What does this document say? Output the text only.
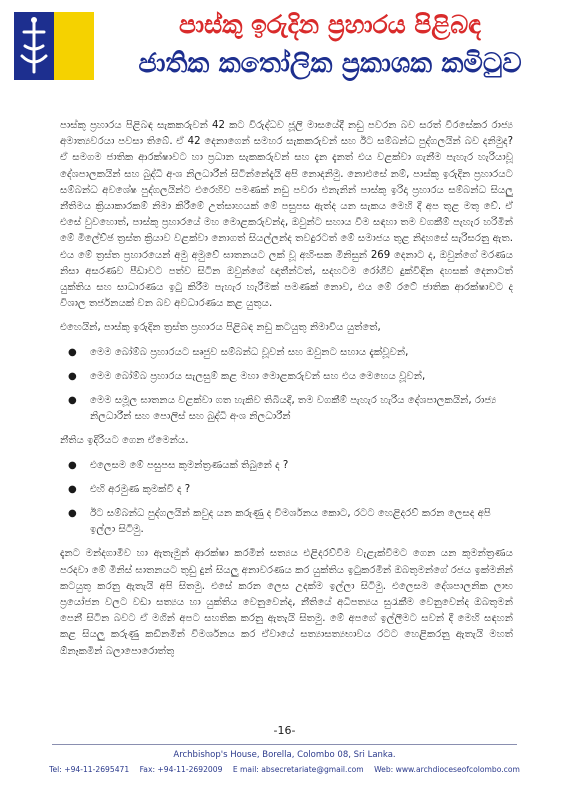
පාස්කු ඉරුදින ප්‍රහාරය පිළිබඳ
ජාතික කතෝලික ප්‍රකාශක කමිටුව

පාස්කු ප්‍රහාරය පිළිබඳ සැකකරුවන් 42 කට විරුද්ධව ජූලි මාසයේදී නඩු පවරන බව සරත් වීරසේකර රාජ්‍ය අමාත්‍යවරයා පවසා තිබේ. ඒ 42 දෙනාගෙන් සමහර සැකකරුවන් සහ ඊට සම්බන්ධ පුද්ගලයින් බව දනිමුද? ඒ සමගම ජාතික ආරක්ෂාවට හා ප්‍රධාන සැකකරුවන් සහ දැන දැනත් එය වළක්වා ගැනීම පැහැර හැරියාවූ දේශපාලකයින් සහ බුද්ධි අංශ නිලධාරීන් සිටින්නේදැයි අපි නොදනිමු. නොඑසේ නම්, පාස්කු ඉරුදින ප්‍රහාරයට සම්බන්ධ අවශේෂ පුද්ගලයින්ට එරෙහිව පමණක් නඩු පවරා එනැනින් පාස්කු ඉරිදා ප්‍රහාරය සම්බන්ධ සියලු නීතිමය ක්‍රියාකාරකම් නිමා කිරීමේ උත්සාහයක් මේ පසුපස ඇත්ද යන සැකය මෙහි දී අප තුළ මතු වේ. ඒ එසේ වුවහොත්, පාස්කු ප්‍රහාරයේ මහ මොළකරුවන්ද, ඔවුන්ට සහාය වීම සඳහා තම වගකීම් පැහැර හරිමින් මේ මිලේච්ඡ ත්‍රස්ත ක්‍රියාව වළක්වා නොගත් සියල්ලන්ද තවදුරටත් මේ සමාජය තුළ නිදහසේ සැරිසරනු ඇත. එය මේ ත්‍රස්ත ප්‍රහාරයෙන් අමු අමුවේ ඝාතනයට ලක් වූ අහිංසක මිනිසුන් 269 දෙනාට ද, ඔවුන්ගේ මරණය නිසා අසරණව පීඩාවට පත්ව සිටින ඔවුන්ගේ ඥාතීන්ටත්, සදහටම රෝගීව දුක්විඳින දහසක් දෙනාටත් යුක්තිය සහ සාධාරණය ඉටු කිරීම පැහැර හැරීමක් පමණක් නොව, එය මේ රටේ ජාතික ආරක්ෂාවට ද විශාල තර්ජනයක් වන බව අවධාරණය කළ යුතුය.

එහෙයින්, පාස්කු ඉරුදින ත්‍රස්ත ප්‍රහාරය පිළිබඳ නඩු කටයුතු නිමාවිය යුත්තේ,

● මෙම බෝම්බ ප්‍රහාරයට සෘජුව සම්බන්ධ වූවන් සහ ඔවුනට සහාය දැක්වූවන්,
● මෙම බෝම්බ ප්‍රහාරය සැලසුම් කළ මහා මොළකරුවන් සහ එය මෙහෙය වූවන්,
● මෙම සමූල ඝාතනය වළක්වා ගත හැකිව තිබියදී, තම වගකීම් පැහැර හැරිය දේශපාලකයින්, රාජ්‍ය නිලධාරීන් සහ පොලිස් සහ බුද්ධි අංශ නිලධාරීන්

නීතිය ඉදිරියට ගෙන ඒමෙන්ය.

● එලෙසම මේ පසුපස කුමන්ත්‍රණයක් තිබුනේ ද ?
● එහි අරමුණ කුමක්වී ද ?
● ඊට සම්බන්ධ පුද්ගලයින් කවුද යන කරුණු ද විමර්ශනය කොට, රටට හෙළිදරව් කරන ලෙසද අපි ඉල්ලා සිටිමු.

දැනට මන්දගාමීව හා ඇතැමුන් ආරක්ෂා කරමින් සත්‍යය එළිදරව්වීම වැළැක්වීමට ගෙන යන කුමන්ත්‍රණය පරදවා මේ මිනිස් ඝාතනයට තුඩු දුන් සියලු අනාවරණය කර යුක්තිය ඉටුකරමින් ඔබතුමන්ගේ රජය ඉක්මනින් කටයුතු කරනු ඇතැයි අපි සිතමු. එසේ කරන ලෙස උදක්ම ඉල්ලා සිටිමු. එලෙසම දේශපාලනික ලාභ ප්‍රයෝජන වලට වඩා සත්‍යය හා යුක්තිය වෙනුවෙන්ද, නීතියේ අධිපත්‍යය සුරැකීම වෙනුවෙන්ද ඔබතුමන් පෙනී සිටින බවට ඒ මගින් අපට සහතික කරනු ඇතැයි සිතමු. මේ අපගේ ඉල්ලීමට සවන් දී මෙහි සඳහන් කළ සියලු කරුණු කඩිනමින් විමර්ශනය කර ඒවායේ සත්‍යාසත්‍යභාවය රටට හෙළිකරනු ඇතැයි මහත් ඕනෑකමින් බලාපොරොත්තු

-16-
Archbishop's House, Borella, Colombo 08, Sri Lanka.
Tel: +94-11-2695471 Fax: +94-11-2692009 E mail: absecretariate@gmail.com Web: www.archdioceseofcolombo.com
